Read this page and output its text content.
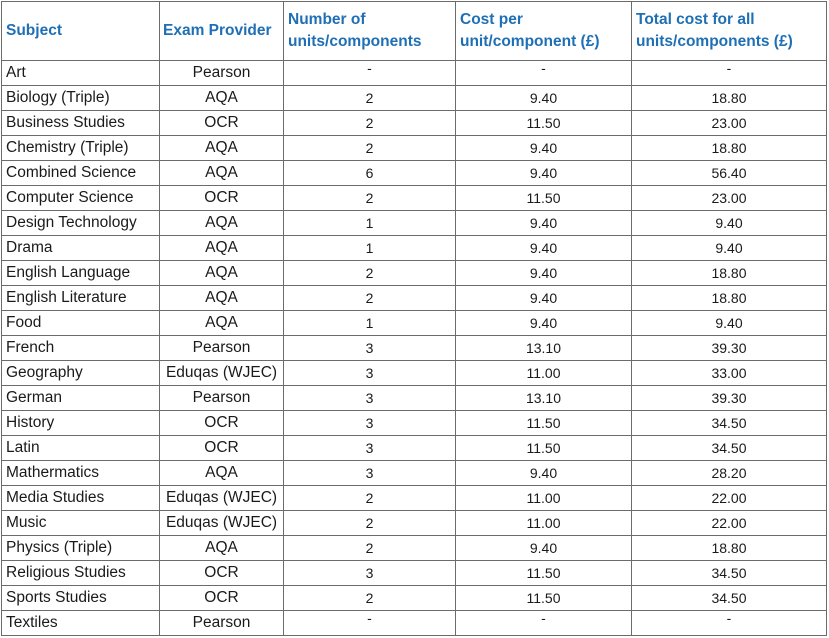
Subject	Exam Provider	Number of units/components	Cost per unit/component (£)	Total cost for all units/components (£)
Art	Pearson	-	-	-
Biology (Triple)	AQA	2	9.40	18.80
Business Studies	OCR	2	11.50	23.00
Chemistry (Triple)	AQA	2	9.40	18.80
Combined Science	AQA	6	9.40	56.40
Computer Science	OCR	2	11.50	23.00
Design Technology	AQA	1	9.40	9.40
Drama	AQA	1	9.40	9.40
English Language	AQA	2	9.40	18.80
English Literature	AQA	2	9.40	18.80
Food	AQA	1	9.40	9.40
French	Pearson	3	13.10	39.30
Geography	Eduqas (WJEC)	3	11.00	33.00
German	Pearson	3	13.10	39.30
History	OCR	3	11.50	34.50
Latin	OCR	3	11.50	34.50
Mathermatics	AQA	3	9.40	28.20
Media Studies	Eduqas (WJEC)	2	11.00	22.00
Music	Eduqas (WJEC)	2	11.00	22.00
Physics (Triple)	AQA	2	9.40	18.80
Religious Studies	OCR	3	11.50	34.50
Sports Studies	OCR	2	11.50	34.50
Textiles	Pearson	-	-	-
